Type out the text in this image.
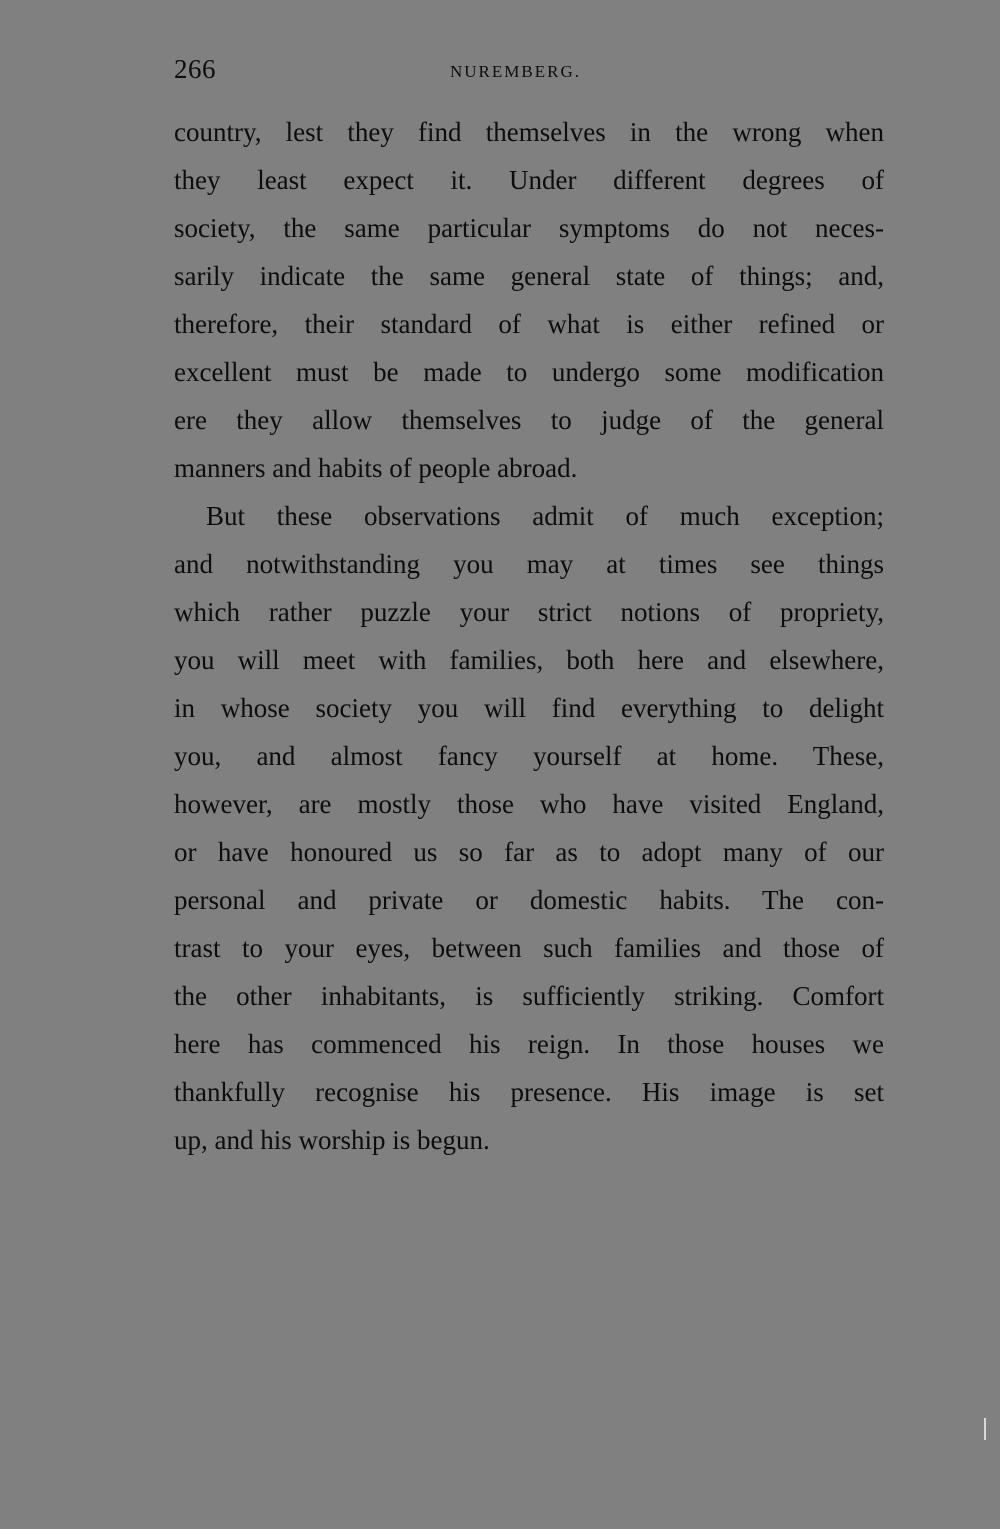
266	NUREMBERG.
country, lest they find themselves in the wrong when
they least expect it. Under different degrees of
society, the same particular symptoms do not neces-
sarily indicate the same general state of things; and,
therefore, their standard of what is either refined or
excellent must be made to undergo some modification
ere they allow themselves to judge of the general
manners and habits of people abroad.
But these observations admit of much exception;
and notwithstanding you may at times see things
which rather puzzle your strict notions of propriety,
you will meet with families, both here and elsewhere,
in whose society you will find everything to delight
you, and almost fancy yourself at home. These,
however, are mostly those who have visited England,
or have honoured us so far as to adopt many of our
personal and private or domestic habits. The con-
trast to your eyes, between such families and those of
the other inhabitants, is sufficiently striking. Comfort
here has commenced his reign. In those houses we
thankfully recognise his presence. His image is set
up, and his worship is begun.
